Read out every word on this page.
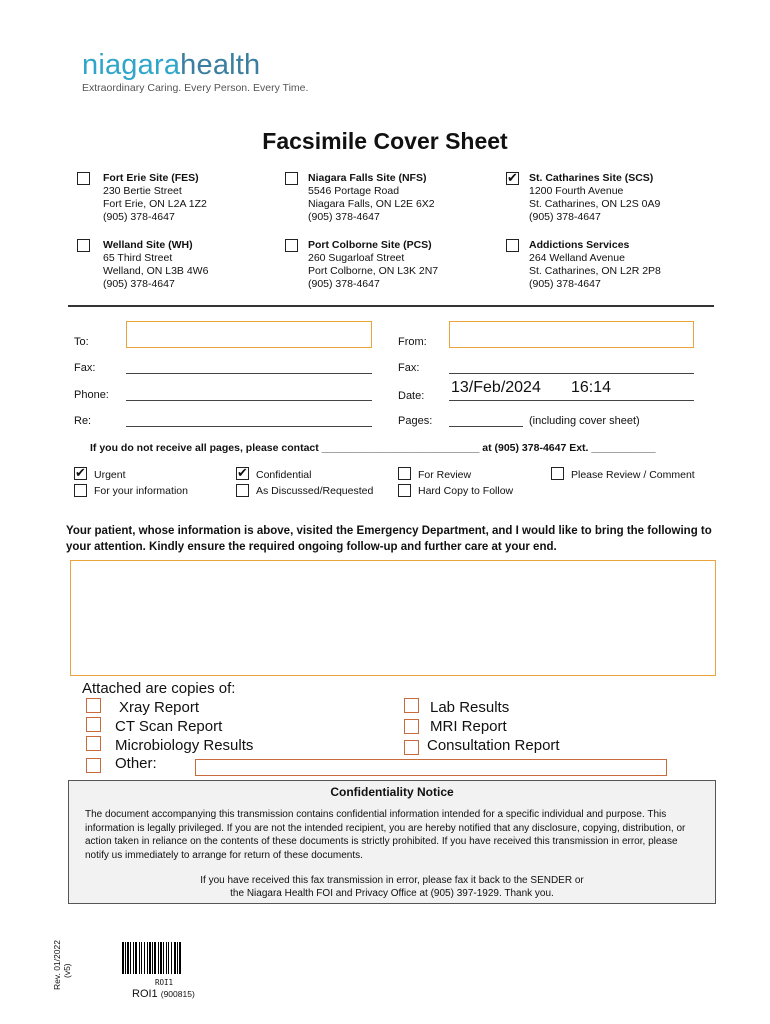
niagarahealth
Extraordinary Caring. Every Person. Every Time.
Facsimile Cover Sheet
Fort Erie Site (FES)
230 Bertie Street
Fort Erie, ON L2A 1Z2
(905) 378-4647
Niagara Falls Site (NFS)
5546 Portage Road
Niagara Falls, ON L2E 6X2
(905) 378-4647
✔
St. Catharines Site (SCS)
1200 Fourth Avenue
St. Catharines, ON L2S 0A9
(905) 378-4647
Welland Site (WH)
65 Third Street
Welland, ON L3B 4W6
(905) 378-4647
Port Colborne Site (PCS)
260 Sugarloaf Street
Port Colborne, ON L3K 2N7
(905) 378-4647
Addictions Services
264 Welland Avenue
St. Catharines, ON L2R 2P8
(905) 378-4647
To:	From:
Fax:	Fax:
Phone:	Date: 13/Feb/2024 16:14
Re:	Pages:	(including cover sheet)
If you do not receive all pages, please contact ___________________________ at (905) 378-4647 Ext. ___________
✔
Urgent
For your information
✔
Confidential
As Discussed/Requested
For Review
Hard Copy to Follow
Please Review / Comment
Your patient, whose information is above, visited the Emergency Department, and I would like to bring the following to your attention. Kindly ensure the required ongoing follow-up and further care at your end.
Attached are copies of:
Xray Report
CT Scan Report
Microbiology Results
Other:
Lab Results
MRI Report
Consultation Report
Confidentiality Notice
The document accompanying this transmission contains confidential information intended for a specific individual and purpose. This information is legally privileged. If you are not the intended recipient, you are hereby notified that any disclosure, copying, distribution, or action taken in reliance on the contents of these documents is strictly prohibited. If you have received this transmission in error, please notify us immediately to arrange for return of these documents.
If you have received this fax transmission in error, please fax it back to the SENDER or
the Niagara Health FOI and Privacy Office at (905) 397-1929. Thank you.
Rev. 01/2022 (v5)
ROI1
ROI1 (900815)
